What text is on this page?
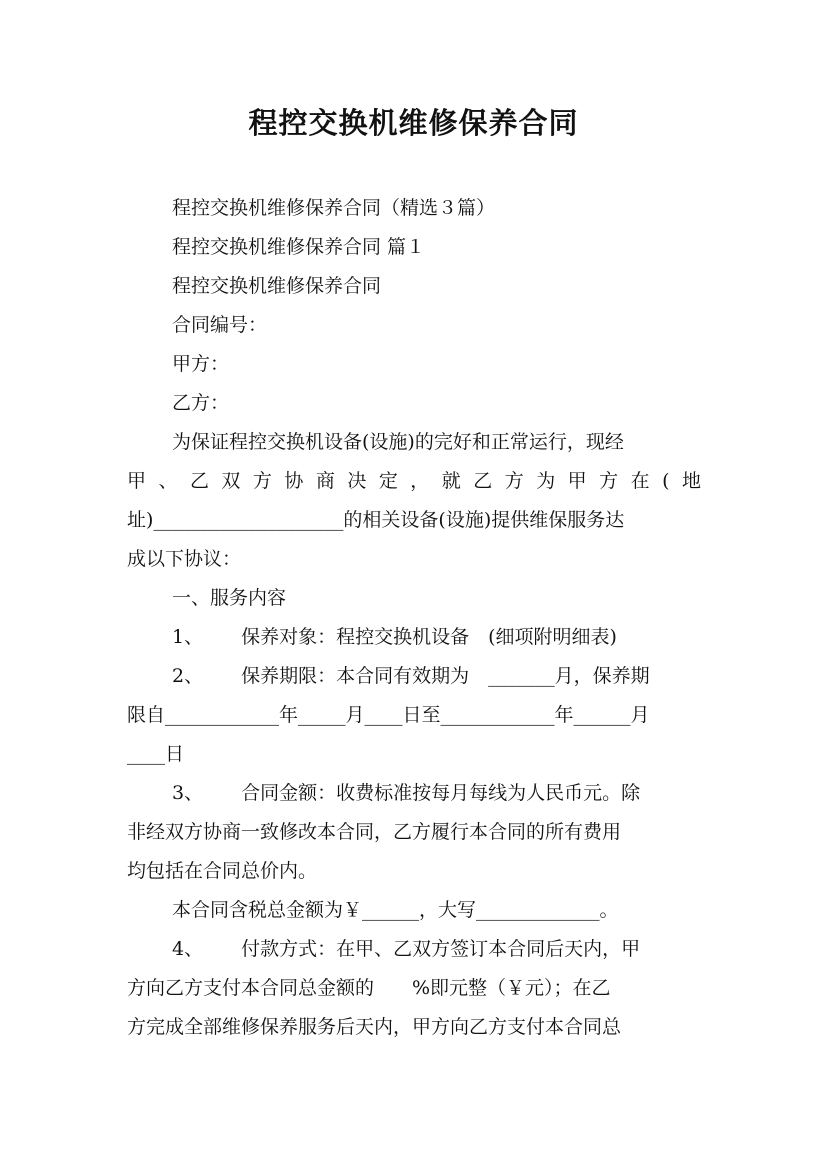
程控交换机维修保养合同

程控交换机维修保养合同（精选３篇）

程控交换机维修保养合同 篇１

程控交换机维修保养合同

合同编号：

甲方：

乙方：

为保证程控交换机设备(设施)的完好和正常运行，现经

甲、乙双方协商决定，就乙方为甲方在(地

址)____________________的相关设备(设施)提供维保服务达

成以下协议：

一、服务内容

1、 保养对象：程控交换机设备　(细项附明细表)

2、 保养期限：本合同有效期为　_______月，保养期

限自____________年_____月____日至____________年______月

____日

3、 合同金额：收费标准按每月每线为人民币元。除

非经双方协商一致修改本合同，乙方履行本合同的所有费用

均包括在合同总价内。

本合同含税总金额为￥______，大写_____________。

4、 付款方式：在甲、乙双方签订本合同后天内，甲

方向乙方支付本合同总金额的　　%即元整（￥元）；在乙

方完成全部维修保养服务后天内，甲方向乙方支付本合同总
